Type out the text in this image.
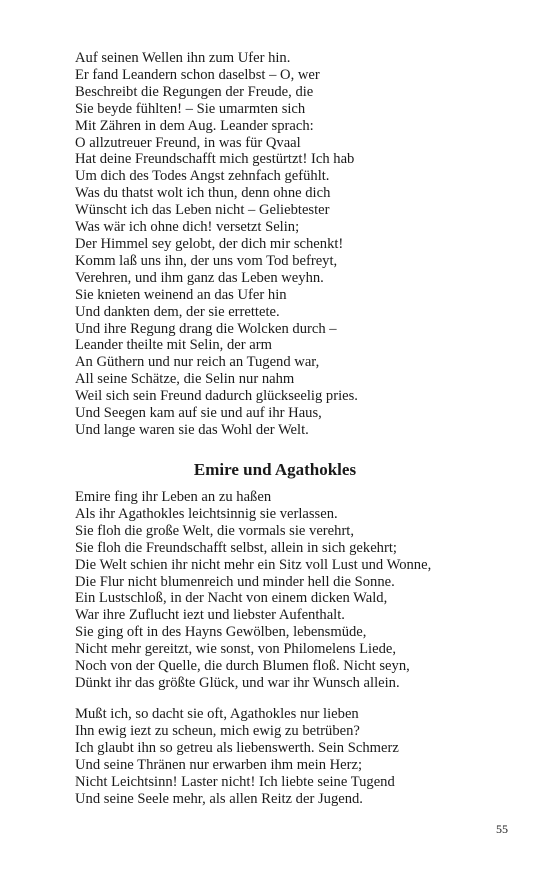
Auf seinen Wellen ihn zum Ufer hin.
Er fand Leandern schon daselbst – O, wer
Beschreibt die Regungen der Freude, die
Sie beyde fühlten! – Sie umarmten sich
Mit Zähren in dem Aug. Leander sprach:
O allzutreuer Freund, in was für Qvaal
Hat deine Freundschafft mich gestürtzt! Ich hab
Um dich des Todes Angst zehnfach gefühlt.
Was du thatst wolt ich thun, denn ohne dich
Wünscht ich das Leben nicht – Geliebtester
Was wär ich ohne dich! versetzt Selin;
Der Himmel sey gelobt, der dich mir schenkt!
Komm laß uns ihn, der uns vom Tod befreyt,
Verehren, und ihm ganz das Leben weyhn.
Sie knieten weinend an das Ufer hin
Und dankten dem, der sie errettete.
Und ihre Regung drang die Wolcken durch –
Leander theilte mit Selin, der arm
An Güthern und nur reich an Tugend war,
All seine Schätze, die Selin nur nahm
Weil sich sein Freund dadurch glückseelig pries.
Und Seegen kam auf sie und auf ihr Haus,
Und lange waren sie das Wohl der Welt.
Emire und Agathokles
Emire fing ihr Leben an zu haßen
Als ihr Agathokles leichtsinnig sie verlassen.
Sie floh die große Welt, die vormals sie verehrt,
Sie floh die Freundschafft selbst, allein in sich gekehrt;
Die Welt schien ihr nicht mehr ein Sitz voll Lust und Wonne,
Die Flur nicht blumenreich und minder hell die Sonne.
Ein Lustschloß, in der Nacht von einem dicken Wald,
War ihre Zuflucht iezt und liebster Aufenthalt.
Sie ging oft in des Hayns Gewölben, lebensmüde,
Nicht mehr gereitzt, wie sonst, von Philomelens Liede,
Noch von der Quelle, die durch Blumen floß. Nicht seyn,
Dünkt ihr das größte Glück, und war ihr Wunsch allein.
Mußt ich, so dacht sie oft, Agathokles nur lieben
Ihn ewig iezt zu scheun, mich ewig zu betrüben?
Ich glaubt ihn so getreu als liebenswerth. Sein Schmerz
Und seine Thränen nur erwarben ihm mein Herz;
Nicht Leichtsinn! Laster nicht! Ich liebte seine Tugend
Und seine Seele mehr, als allen Reitz der Jugend.
55
